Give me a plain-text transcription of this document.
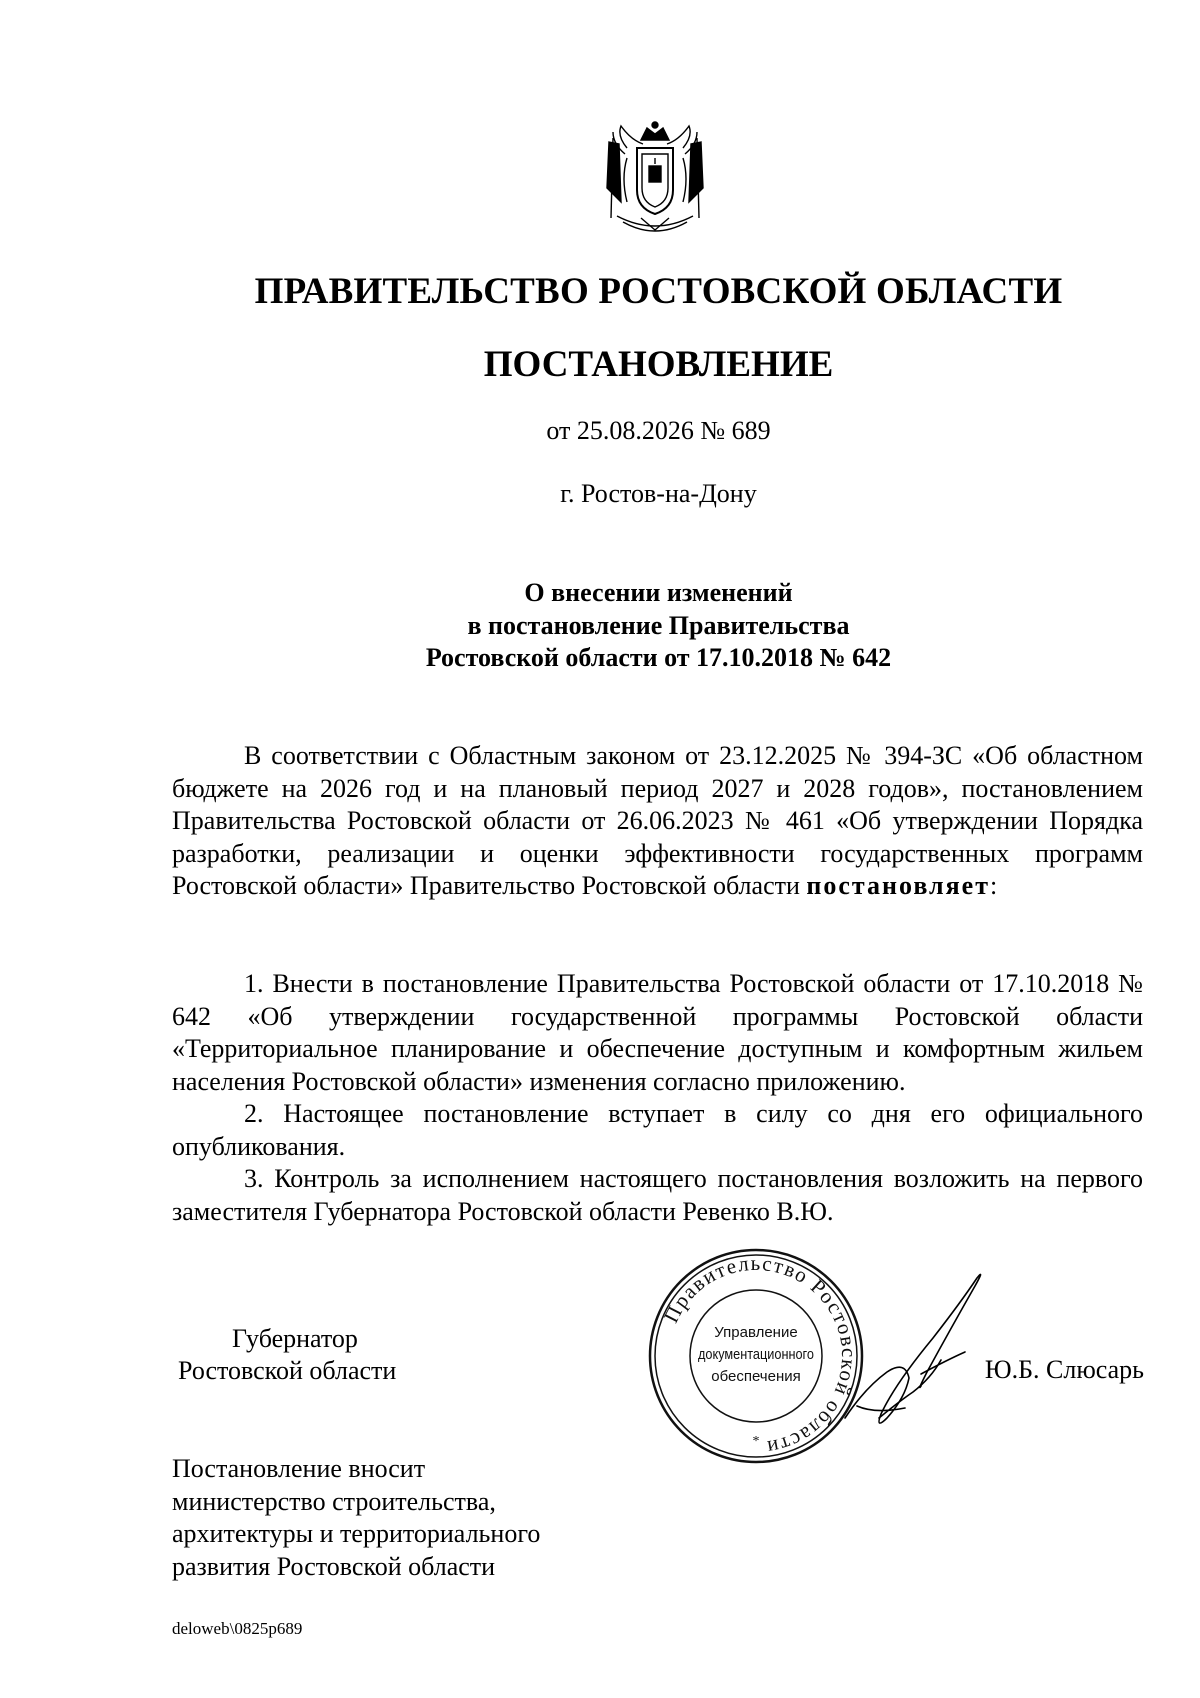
ПРАВИТЕЛЬСТВО РОСТОВСКОЙ ОБЛАСТИ
ПОСТАНОВЛЕНИЕ
от 25.08.2026 № 689
г. Ростов-на-Дону
О внесении изменений
в постановление Правительства
Ростовской области от 17.10.2018 № 642

В соответствии с Областным законом от 23.12.2025 № 394-ЗС «Об областном бюджете на 2026 год и на плановый период 2027 и 2028 годов», постановлением Правительства Ростовской области от 26.06.2023 № 461 «Об утверждении Порядка разработки, реализации и оценки эффективности государственных программ Ростовской области» Правительство Ростовской области постановляет:

1. Внести в постановление Правительства Ростовской области от 17.10.2018 № 642 «Об утверждении государственной программы Ростовской области «Территориальное планирование и обеспечение доступным и комфортным жильем населения Ростовской области» изменения согласно приложению.

2. Настоящее постановление вступает в силу со дня его официального опубликования.

3. Контроль за исполнением настоящего постановления возложить на первого заместителя Губернатора Ростовской области Ревенко В.Ю.

Губернатор
Ростовской области
Правительство Ростовской области
Управление
документационного
обеспечения
*
Ю.Б. Слюсарь
Постановление вносит
министерство строительства,
архитектуры и территориального
развития Ростовской области
deloweb\0825p689
